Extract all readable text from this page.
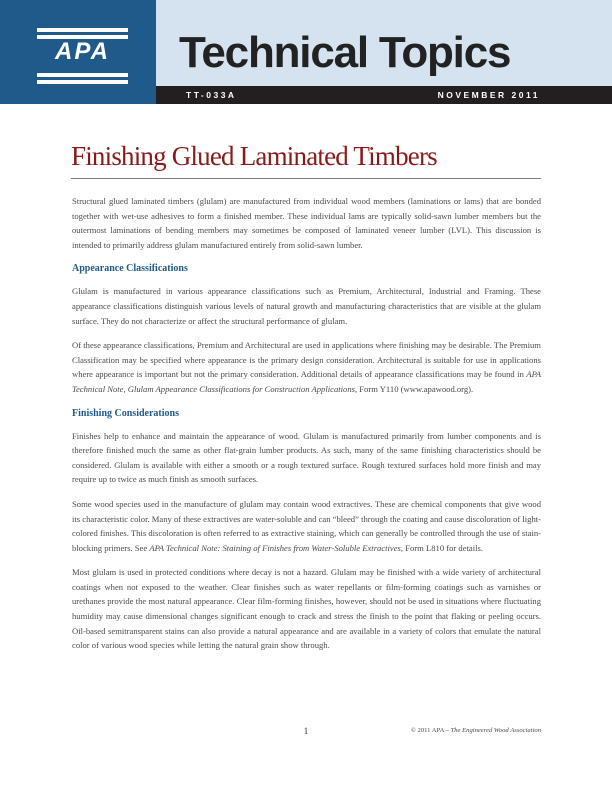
APA	Technical Topics
TT-033A	NOVEMBER 2011
Finishing Glued Laminated Timbers

Structural glued laminated timbers (glulam) are manufactured from individual wood members (laminations or lams) that are bonded together with wet-use adhesives to form a finished member. These individual lams are typically solid-sawn lumber members but the outermost laminations of bending members may sometimes be composed of laminated veneer lumber (LVL). This discussion is intended to primarily address glulam manufactured entirely from solid-sawn lumber.

Appearance Classifications

Glulam is manufactured in various appearance classifications such as Premium, Architectural, Industrial and Framing. These appearance classifications distinguish various levels of natural growth and manufacturing characteristics that are visible at the glulam surface. They do not characterize or affect the structural performance of glulam.

Of these appearance classifications, Premium and Architectural are used in applications where finishing may be desirable. The Premium Classification may be specified where appearance is the primary design consideration. Architectural is suitable for use in applications where appearance is important but not the primary consideration. Additional details of appearance classifications may be found in APA Technical Note, Glulam Appearance Classifications for Construction Applications, Form Y110 (www.apawood.org).

Finishing Considerations

Finishes help to enhance and maintain the appearance of wood. Glulam is manufactured primarily from lumber components and is therefore finished much the same as other flat-grain lumber products. As such, many of the same finishing characteristics should be considered. Glulam is available with either a smooth or a rough textured surface. Rough textured surfaces hold more finish and may require up to twice as much finish as smooth surfaces.

Some wood species used in the manufacture of glulam may contain wood extractives. These are chemical components that give wood its characteristic color. Many of these extractives are water-soluble and can “bleed” through the coating and cause discoloration of light-colored finishes. This discoloration is often referred to as extractive staining, which can generally be controlled through the use of stain-blocking primers. See APA Technical Note: Staining of Finishes from Water-Soluble Extractives, Form L810 for details.

Most glulam is used in protected conditions where decay is not a hazard. Glulam may be finished with a wide variety of architectural coatings when not exposed to the weather. Clear finishes such as water repellants or film-forming coatings such as varnishes or urethanes provide the most natural appearance. Clear film-forming finishes, however, should not be used in situations where fluctuating humidity may cause dimensional changes significant enough to crack and stress the finish to the point that flaking or peeling occurs. Oil-based semitransparent stains can also provide a natural appearance and are available in a variety of colors that emulate the natural color of various wood species while letting the natural grain show through.

1	© 2011 APA – The Engineered Wood Association
